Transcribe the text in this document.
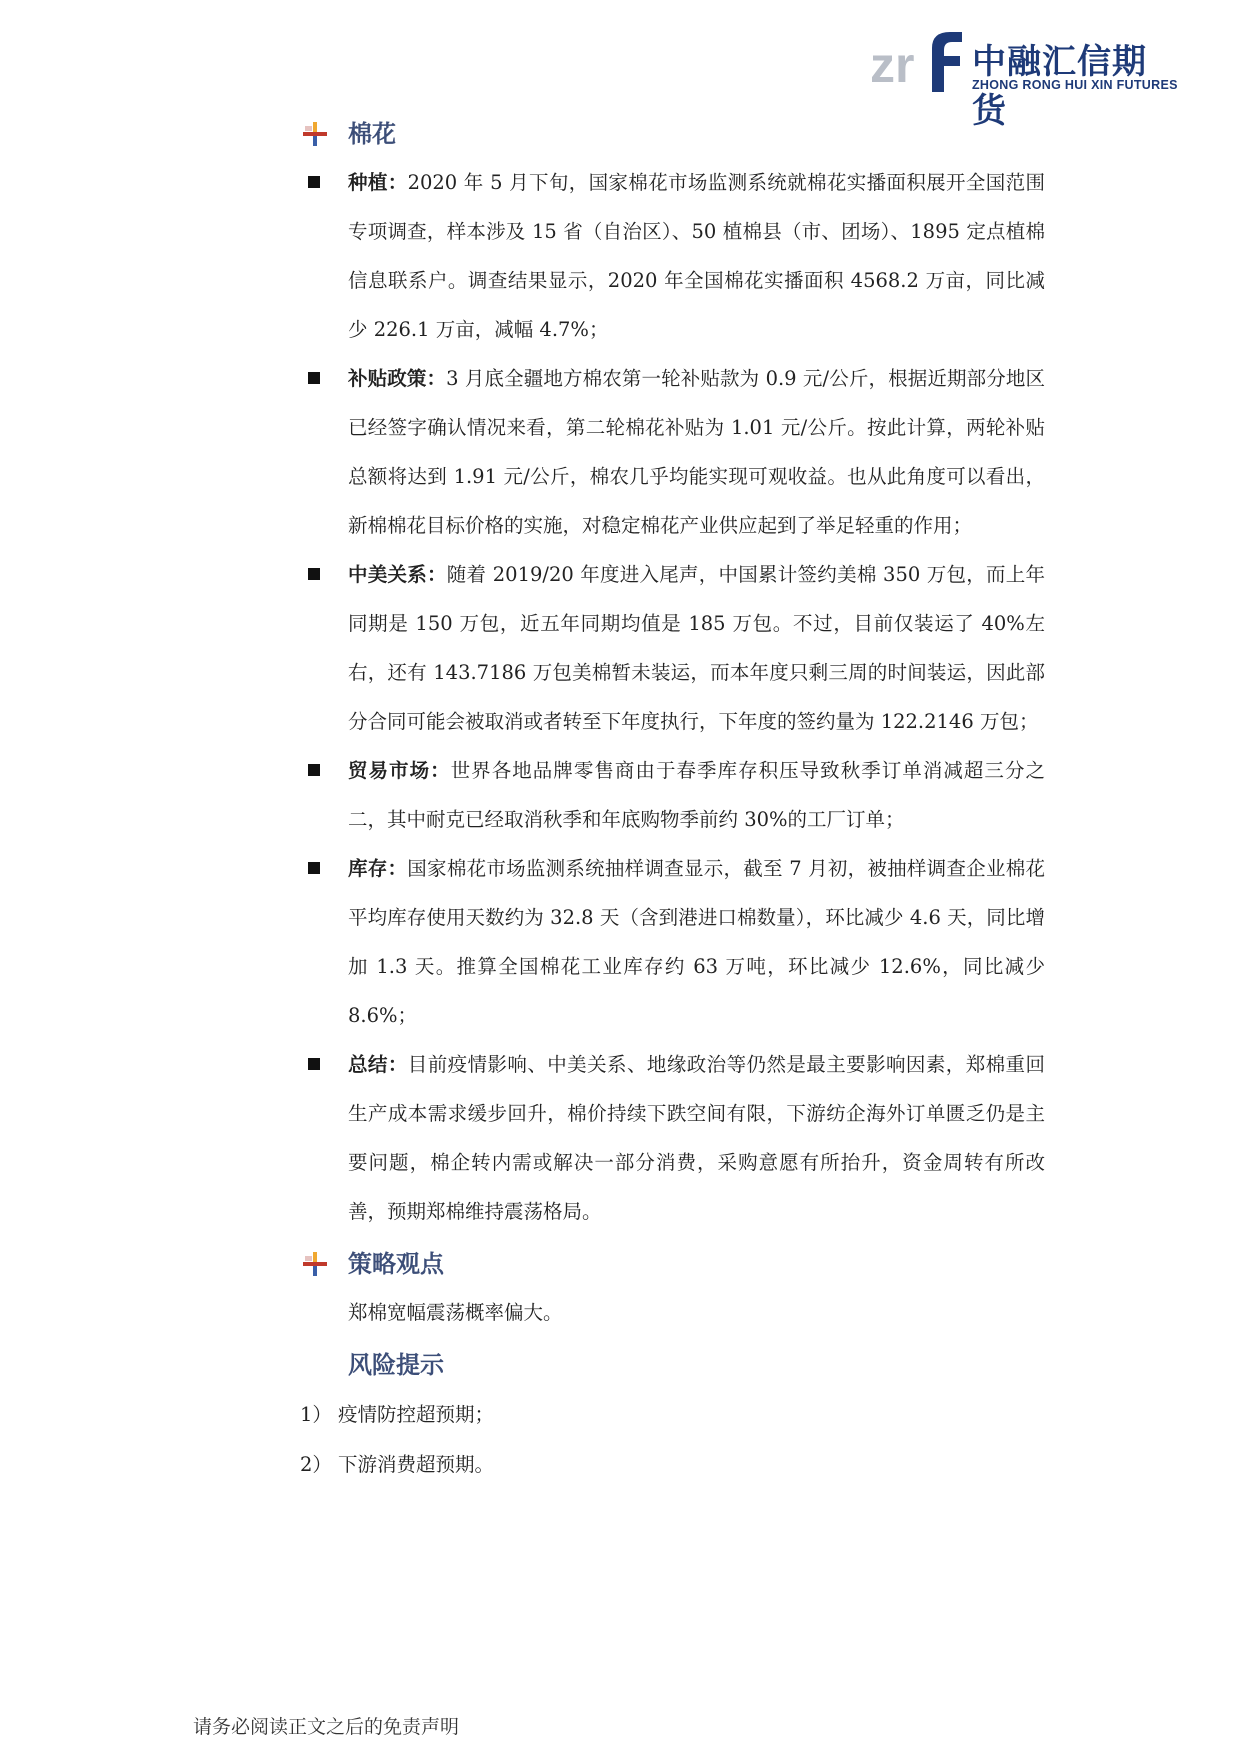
zr 中融汇信期货
ZHONG RONG HUI XIN FUTURES
棉花
种植：2020 年 5 月下旬，国家棉花市场监测系统就棉花实播面积展开全国范围专项调查，样本涉及 15 省（自治区）、50 植棉县（市、团场）、1895 定点植棉信息联系户。调查结果显示，2020 年全国棉花实播面积 4568.2 万亩，同比减少 226.1 万亩，减幅 4.7%；
补贴政策：3 月底全疆地方棉农第一轮补贴款为 0.9 元/公斤，根据近期部分地区已经签字确认情况来看，第二轮棉花补贴为 1.01 元/公斤。按此计算，两轮补贴总额将达到 1.91 元/公斤，棉农几乎均能实现可观收益。也从此角度可以看出，新棉棉花目标价格的实施，对稳定棉花产业供应起到了举足轻重的作用；
中美关系：随着 2019/20 年度进入尾声，中国累计签约美棉 350 万包，而上年同期是 150 万包，近五年同期均值是 185 万包。不过，目前仅装运了 40%左右，还有 143.7186 万包美棉暂未装运，而本年度只剩三周的时间装运，因此部分合同可能会被取消或者转至下年度执行，下年度的签约量为 122.2146 万包；
贸易市场：世界各地品牌零售商由于春季库存积压导致秋季订单消减超三分之二，其中耐克已经取消秋季和年底购物季前约 30%的工厂订单；
库存：国家棉花市场监测系统抽样调查显示，截至 7 月初，被抽样调查企业棉花平均库存使用天数约为 32.8 天（含到港进口棉数量），环比减少 4.6 天，同比增加 1.3 天。推算全国棉花工业库存约 63 万吨，环比减少 12.6%，同比减少 8.6%；
总结：目前疫情影响、中美关系、地缘政治等仍然是最主要影响因素，郑棉重回生产成本需求缓步回升，棉价持续下跌空间有限，下游纺企海外订单匮乏仍是主要问题，棉企转内需或解决一部分消费，采购意愿有所抬升，资金周转有所改善，预期郑棉维持震荡格局。
策略观点
郑棉宽幅震荡概率偏大。
风险提示
1） 疫情防控超预期；
2） 下游消费超预期。
请务必阅读正文之后的免责声明
